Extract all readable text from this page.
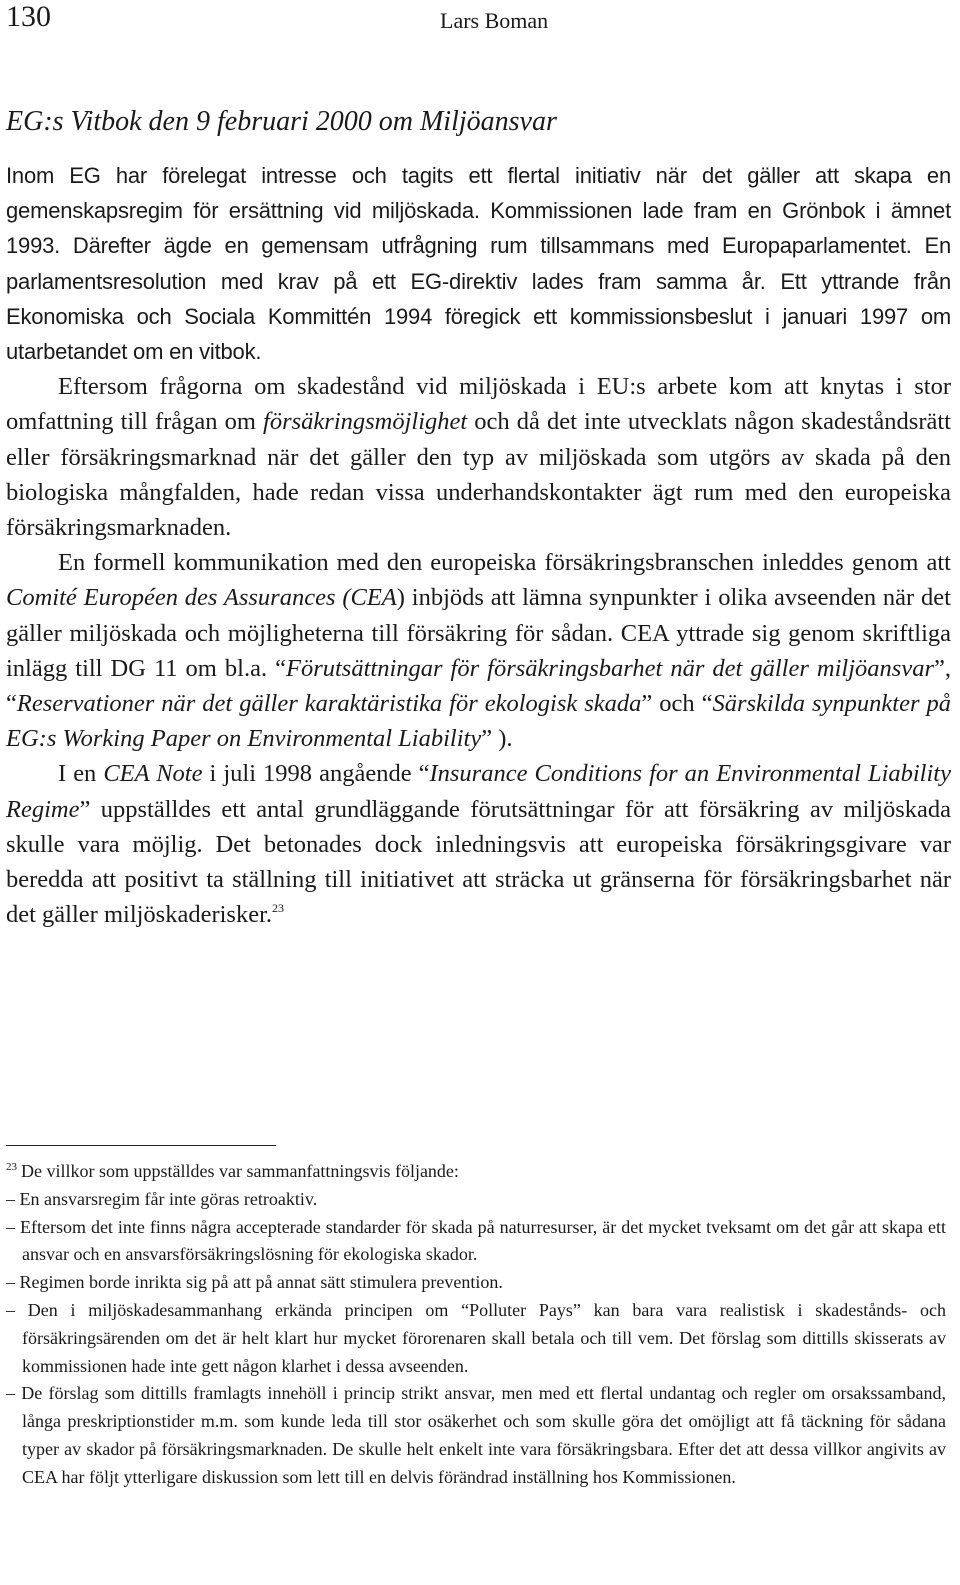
130	Lars Boman
EG:s Vitbok den 9 februari 2000 om Miljöansvar

Inom EG har förelegat intresse och tagits ett flertal initiativ när det gäller att skapa en gemenskapsregim för ersättning vid miljöskada. Kommissionen lade fram en Grönbok i ämnet 1993. Därefter ägde en gemensam utfrågning rum tillsammans med Europaparlamentet. En parlamentsresolution med krav på ett EG-direktiv lades fram samma år. Ett yttrande från Ekonomiska och Sociala Kommittén 1994 föregick ett kommissionsbeslut i januari 1997 om utarbetandet om en vitbok.

Eftersom frågorna om skadestånd vid miljöskada i EU:s arbete kom att knytas i stor omfattning till frågan om försäkringsmöjlighet och då det inte utvecklats någon skadeståndsrätt eller försäkringsmarknad när det gäller den typ av miljöskada som utgörs av skada på den biologiska mångfalden, hade redan vissa underhandskontakter ägt rum med den europeiska försäkringsmarknaden.

En formell kommunikation med den europeiska försäkringsbranschen inleddes genom att Comité Européen des Assurances (CEA) inbjöds att lämna synpunkter i olika avseenden när det gäller miljöskada och möjligheterna till försäkring för sådan. CEA yttrade sig genom skriftliga inlägg till DG 11 om bl.a. “Förutsättningar för försäkringsbarhet när det gäller miljöansvar”, “Reservationer när det gäller karaktäristika för ekologisk skada” och “Särskilda synpunkter på EG:s Working Paper on Environmental Liability” ).

I en CEA Note i juli 1998 angående “Insurance Conditions for an Environmental Liability Regime” uppställdes ett antal grundläggande förutsättningar för att försäkring av miljöskada skulle vara möjlig. Det betonades dock inledningsvis att europeiska försäkringsgivare var beredda att positivt ta ställning till initiativet att sträcka ut gränserna för försäkringsbarhet när det gäller miljöskaderisker.$^{23}$

$^{23}$ De villkor som uppställdes var sammanfattningsvis följande:

– En ansvarsregim får inte göras retroaktiv.

– Eftersom det inte finns några accepterade standarder för skada på naturresurser, är det mycket tveksamt om det går att skapa ett ansvar och en ansvarsförsäkringslösning för ekologiska skador.

– Regimen borde inrikta sig på att på annat sätt stimulera prevention.

– Den i miljöskadesammanhang erkända principen om “Polluter Pays” kan bara vara realistisk i skadestånds- och försäkringsärenden om det är helt klart hur mycket förorenaren skall betala och till vem. Det förslag som dittills skisserats av kommissionen hade inte gett någon klarhet i dessa avseenden.

– De förslag som dittills framlagts innehöll i princip strikt ansvar, men med ett flertal undantag och regler om orsakssamband, långa preskriptionstider m.m. som kunde leda till stor osäkerhet och som skulle göra det omöjligt att få täckning för sådana typer av skador på försäkringsmarknaden. De skulle helt enkelt inte vara försäkringsbara. Efter det att dessa villkor angivits av CEA har följt ytterligare diskussion som lett till en delvis förändrad inställning hos Kommissionen.
